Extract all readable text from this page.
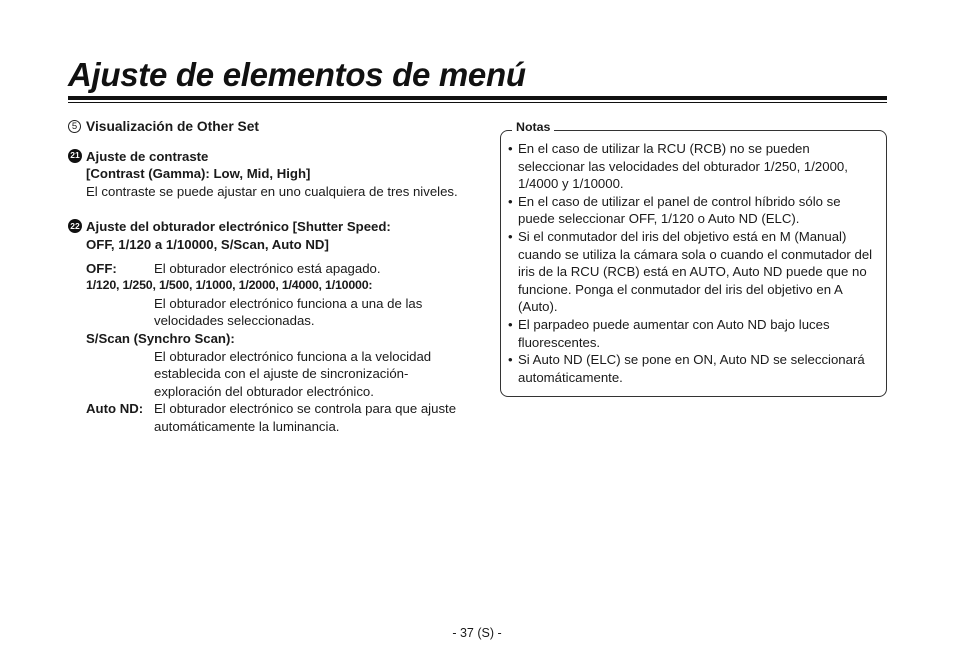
Ajuste de elementos de menú
5 Visualización de Other Set
21 Ajuste de contraste
[Contrast (Gamma): Low, Mid, High]
El contraste se puede ajustar en uno cualquiera de tres niveles.
22 Ajuste del obturador electrónico [Shutter Speed:
OFF, 1/120 a 1/10000, S/Scan, Auto ND]
OFF:	El obturador electrónico está apagado.
1/120, 1/250, 1/500, 1/1000, 1/2000, 1/4000, 1/10000:
El obturador electrónico funciona a una de las velocidades seleccionadas.
S/Scan (Synchro Scan):
El obturador electrónico funciona a la velocidad establecida con el ajuste de sincronización-exploración del obturador electrónico.
Auto ND: El obturador electrónico se controla para que ajuste automáticamente la luminancia.
Notas
• En el caso de utilizar la RCU (RCB) no se pueden seleccionar las velocidades del obturador 1/250, 1/2000, 1/4000 y 1/10000.
• En el caso de utilizar el panel de control híbrido sólo se puede seleccionar OFF, 1/120 o Auto ND (ELC).
• Si el conmutador del iris del objetivo está en M (Manual) cuando se utiliza la cámara sola o cuando el conmutador del iris de la RCU (RCB) está en AUTO, Auto ND puede que no funcione. Ponga el conmutador del iris del objetivo en A (Auto).
• El parpadeo puede aumentar con Auto ND bajo luces fluorescentes.
• Si Auto ND (ELC) se pone en ON, Auto ND se seleccionará automáticamente.
- 37 (S) -
